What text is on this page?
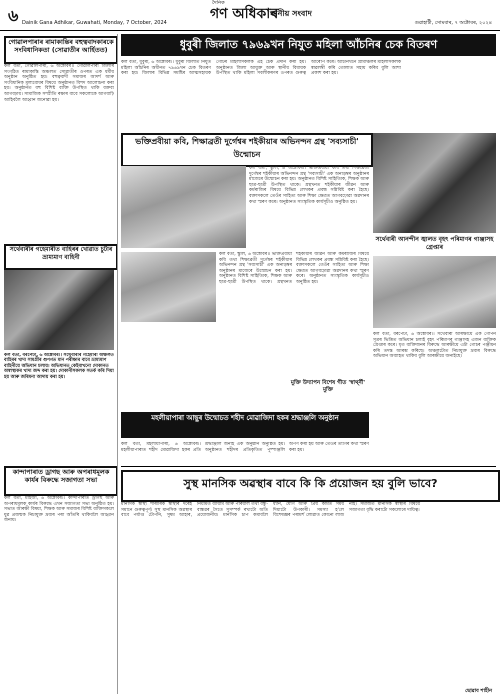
৬ Dainik Gana Adhikar, Guwahati, Monday, 7 October, 2024
দৈনিক
গণ অধিকাৰ
স্থানীয় সংবাদ
গুৱাহাটী, সোমবাৰ, ৭ অক্টোবৰ, ২০২৪
গোৱালপাৰাৰ ৰামাকান্তিৰ বহুত্ববাদকাৰকে সংবিধানিকতা (সোৱাতীৰ আৰ্হিতত)

কল বৰ্তা, গোৱালপাৰা, ৬ অক্টোবৰ।। গোৱালপাৰা জিলাৰ সংগঠিত ৰামাকান্তি অঞ্চলত সোৱাতীৰ ওপৰত এক ধৰ্মীয় অনুষ্ঠান অনুষ্ঠিত হয়। বহুত্ববাদী সমাজৰ আদৰ্শ আৰু সংবিধানিক মূল্যবোধৰ বিষয়ে অনুষ্ঠানত বিশদ আলোচনা কৰা হয়। অনুষ্ঠানত বহু বিশিষ্ট ব্যক্তি উপস্থিত থাকি বক্তব্য আগবঢ়ায়। সামাজিক সম্প্ৰীতি ৰক্ষাৰ বাবে সকলোকে আগবাঢ়ি আহিবলৈ আহ্বান জনোৱা হয়।

সৰ্থেবাৰীৰ গহেমাৰীত বাহিৰৰ খোৱাত চুটাৰ ভ্ৰাম্যমাণ বাহিনী
কল বৰ্তা, বৰপেটা, ৬ অক্টোবৰ।। সৰ্থেবাৰীৰ গহেমাৰী অঞ্চলত বাহিৰৰ খাদ্য সামগ্ৰীৰ গুণগত মান পৰীক্ষাৰ বাবে ভ্ৰাম্যমাণ বাহিনীয়ে অভিযান চলায়। অভিযানত কেইবাখনো দোকানত অস্বাস্থ্যকৰ খাদ্য জব্দ কৰা হয়। দোকানীসকলক সতৰ্ক কৰি দিয়া হয় আৰু জৰিমনা আদায় কৰা হয়।
কান্দাপাৰাত ড্ৰাগছ আৰু অপৰাধমূলক কাৰ্যৰ বিৰুদ্ধে সজাগতা সভা

কল বৰ্তা, মাইজা, ৬ অক্টোবৰ।। কান্দাপাৰাত ড্ৰাগছ আৰু অপৰাধমূলক কাৰ্যৰ বিৰুদ্ধে এখন সজাগতা সভা অনুষ্ঠিত হয়। সভাত আৰক্ষী বিষয়া, শিক্ষক আৰু সমাজৰ বিশিষ্ট ব্যক্তিসকলে যুৱ প্ৰজন্মক নিচাযুক্ত দ্ৰব্যৰ পৰা আঁতৰি থাকিবলৈ আহ্বান জনায়।

ধুবুৰী জিলাত ৭৯৬৯খন নিযুত মহিলা আঁচনিৰ চেক বিতৰণ

কল বৰ্তা, ধুবুৰী, ৬ অক্টোবৰ।। ধুবুৰী জিলাত নিযুত মহিলা আঁচনিৰ অধীনত ৭৯৬৯খন চেক বিতৰণ কৰা হয়। জিলাৰ বিভিন্ন সমষ্টিৰ আত্মসহায়ক গোটৰ মহিলাসকলক এই চেক প্ৰদান কৰা হয়। অনুষ্ঠানত জিলা আয়ুক্ত আৰু স্থানীয় বিধায়ক উপস্থিত থাকি মহিলা সবলীকৰণৰ ওপৰত গুৰুত্ব আৰোপ কৰে। আঁচনিখনে গ্ৰামাঞ্চলৰ মহিলাসকলক স্বাৱলম্বী কৰি তোলাত সহায় কৰিব বুলি আশা প্ৰকাশ কৰা হয়।

ভক্তিপ্ৰবীয়া কবি, শিক্ষাব্ৰতী দুৰ্গেশ্বৰ শইকীয়াৰ অভিনন্দন গ্ৰন্থ 'সব্যসাচী' উন্মোচন

কল বৰ্তা, স্কুলি, ৬ অক্টোবৰ।। ভক্তিপ্ৰবীয়া কবি তথা শিক্ষাব্ৰতী দুৰ্গেশ্বৰ শইকীয়াৰ অভিনন্দন গ্ৰন্থ 'সব্যসাচী' এক অনাড়ম্বৰ অনুষ্ঠানৰ মাজেৰে উন্মোচন কৰা হয়। অনুষ্ঠানত বিশিষ্ট সাহিত্যিক, শিক্ষক আৰু ছাত্ৰ-ছাত্ৰী উপস্থিত থাকে। গ্ৰন্থখনত শইকীয়াৰ জীৱন আৰু কৰ্মৰাজিৰ বিষয়ে বিভিন্ন লেখকৰ প্ৰবন্ধ সন্নিবিষ্ট কৰা হৈছে। বক্তাসকলে তেওঁৰ সাহিত্য আৰু শিক্ষা ক্ষেত্ৰত আগবঢ়োৱা অৱদানৰ কথা স্মৰণ কৰে। অনুষ্ঠানত সাংস্কৃতিক কাৰ্যসূচীও অনুষ্ঠিত হয়।

সৰ্থেবাৰী আনন্দীন জ্বালত বৃহৎ পৰিমাণৰ গাঞ্জাসহ গ্ৰেপ্তাৰ

কল বৰ্তা, বৰপেটা, ৬ অক্টোবৰ।। সৰ্থেবাৰী আৰক্ষীয়ে এক গোপন সূত্ৰৰ ভিত্তিত অভিযান চলাই বৃহৎ পৰিমাণৰ গাঞ্জাসহ এজন ব্যক্তিক গ্ৰেপ্তাৰ কৰে। ধৃত ব্যক্তিজনৰ বিৰুদ্ধে আৰক্ষীয়ে এটা গোচৰ পঞ্জীয়ন কৰি তদন্ত আৰম্ভ কৰিছে। অঞ্চলটোত নিচাযুক্ত দ্ৰব্যৰ বিৰুদ্ধে অভিযান অব্যাহত থাকিব বুলি আৰক্ষীয়ে জনাইছে।

কল বৰ্তা, স্কুলি, ৬ অক্টোবৰ।। ভক্তিপ্ৰবীয়া কবি তথা শিক্ষাব্ৰতী দুৰ্গেশ্বৰ শইকীয়াৰ অভিনন্দন গ্ৰন্থ 'সব্যসাচী' এক অনাড়ম্বৰ অনুষ্ঠানৰ মাজেৰে উন্মোচন কৰা হয়। অনুষ্ঠানত বিশিষ্ট সাহিত্যিক, শিক্ষক আৰু ছাত্ৰ-ছাত্ৰী উপস্থিত থাকে। গ্ৰন্থখনত শইকীয়াৰ জীৱন আৰু কৰ্মৰাজিৰ বিষয়ে বিভিন্ন লেখকৰ প্ৰবন্ধ সন্নিবিষ্ট কৰা হৈছে। বক্তাসকলে তেওঁৰ সাহিত্য আৰু শিক্ষা ক্ষেত্ৰত আগবঢ়োৱা অৱদানৰ কথা স্মৰণ কৰে। অনুষ্ঠানত সাংস্কৃতিক কাৰ্যসূচীও অনুষ্ঠিত হয়।

মুক্তি উদ্যাপন বিশেষ গীত 'স্বাৰ্থ্নী' মুক্তি
মহলীয়াপাৰা আছুৰ উন্মোচত শহীদ মোৱাজিদা হকৰ শ্ৰদ্ধাঞ্জলি অনুষ্ঠান

কল বৰ্তা, মহলীয়াপাৰা, ৬ অক্টোবৰ।। মহলীয়াপাৰাত শহীদ মোৱাজিদা হকৰ প্ৰতি শ্ৰদ্ধাঞ্জলি জনাই এক অনুষ্ঠান অনুষ্ঠিত হয়। অনুষ্ঠানত শহীদৰ প্ৰতিকৃতিত পুষ্পাঞ্জলি অৰ্পণ কৰা হয় আৰু তেওঁৰ ত্যাগৰ কথা স্মৰণ কৰা হয়।

সুস্থ মানসিক অৱস্থাৰ বাবে কি কি প্ৰয়োজন হয় বুলি ভাবে?

মানসিক স্বাস্থ্য শাৰীৰিক স্বাস্থ্যৰ দৰেই সমানে গুৰুত্বপূৰ্ণ। সুস্থ মানসিক অৱস্থাৰ বাবে পৰ্যাপ্ত টোপনি, সুষম আহাৰ, নিয়মিত ব্যায়াম আৰু পৰিয়াল তথা বন্ধু-বান্ধৱৰ সৈতে সুসম্পৰ্ক ৰখাটো অতি প্ৰয়োজনীয়। মানসিক চাপ কমাবলৈ ধ্যান, যোগ আৰু প্ৰিয় কামত সময় দিয়াটো উপকাৰী। সমস্যা হ'লে বিশেষজ্ঞৰ পৰামৰ্শ লোৱাত কোনো লাজ নাই। সমাজত মানসিক স্বাস্থ্যৰ বিষয়ে সজাগতা বৃদ্ধি কৰাটো সকলোৰে দায়িত্ব।

ছোৱাব শাহীন
